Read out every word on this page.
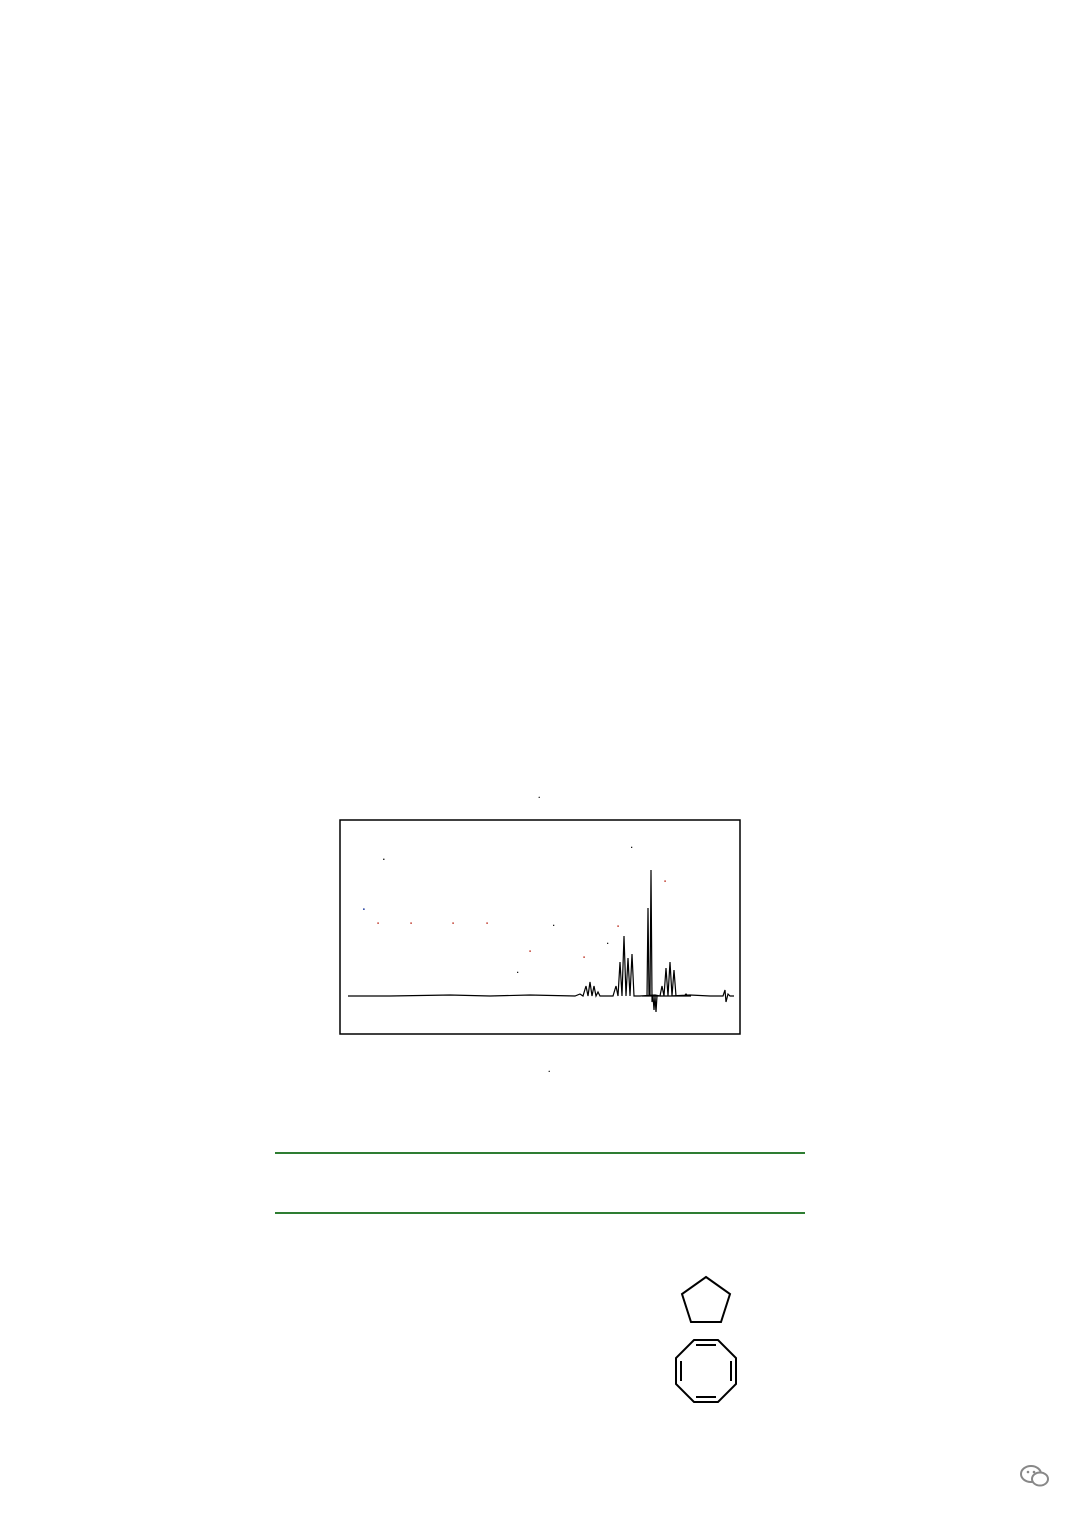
.
.
.
.
. .	. .
.
.
.
.
.
.
.
.
